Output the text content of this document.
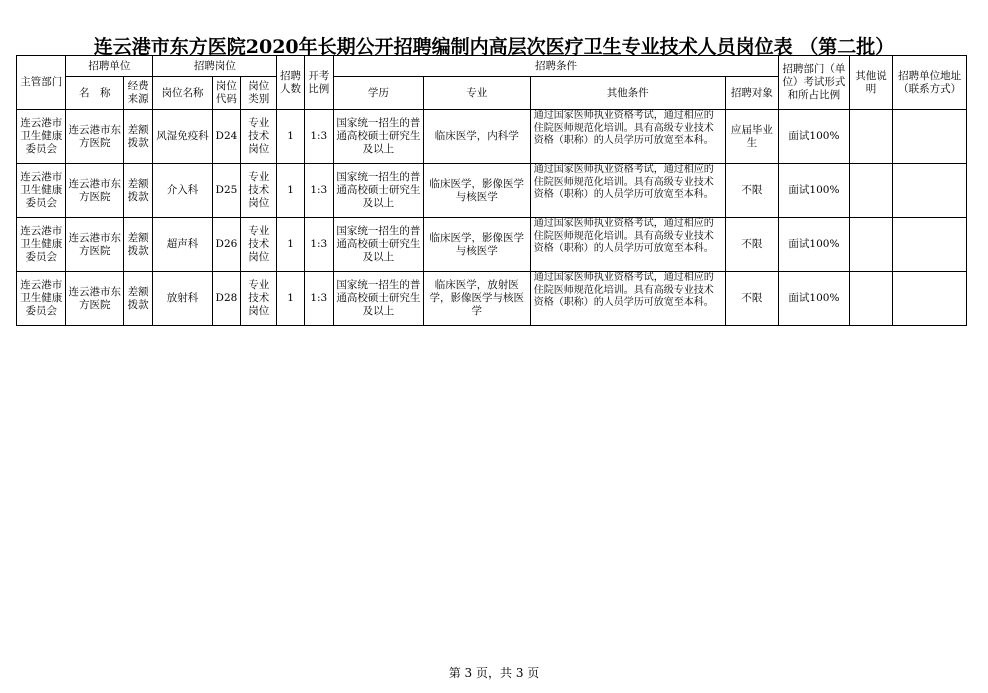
连云港市东方医院2020年长期公开招聘编制内高层次医疗卫生专业技术人员岗位表 （第二批）
主管部门	招聘单位		招聘岗位			招聘人数	开考比例	招聘条件				招聘部门（单位）考试形式和所占比例	其他说明	招聘单位地址（联系方式）
	名　称	经费来源	岗位名称	岗位代码	岗位类别			学历	专业	其他条件	招聘对象			
连云港市卫生健康委员会	连云港市东方医院	差额拨款	风湿免疫科	D24	专业技术岗位	1	1:3	国家统一招生的普通高校硕士研究生及以上	临床医学，内科学	通过国家医师执业资格考试，通过相应的住院医师规范化培训。具有高级专业技术资格（职称）的人员学历可放宽至本科。	应届毕业生	面试100%		
连云港市卫生健康委员会	连云港市东方医院	差额拨款	介入科	D25	专业技术岗位	1	1:3	国家统一招生的普通高校硕士研究生及以上	临床医学，影像医学与核医学	通过国家医师执业资格考试，通过相应的住院医师规范化培训。具有高级专业技术资格（职称）的人员学历可放宽至本科。	不限	面试100%		
连云港市卫生健康委员会	连云港市东方医院	差额拨款	超声科	D26	专业技术岗位	1	1:3	国家统一招生的普通高校硕士研究生及以上	临床医学，影像医学与核医学	通过国家医师执业资格考试，通过相应的住院医师规范化培训。具有高级专业技术资格（职称）的人员学历可放宽至本科。	不限	面试100%		
连云港市卫生健康委员会	连云港市东方医院	差额拨款	放射科	D28	专业技术岗位	1	1:3	国家统一招生的普通高校硕士研究生及以上	临床医学，放射医学，影像医学与核医学	通过国家医师执业资格考试，通过相应的住院医师规范化培训。具有高级专业技术资格（职称）的人员学历可放宽至本科。	不限	面试100%		
第 3 页，共 3 页
